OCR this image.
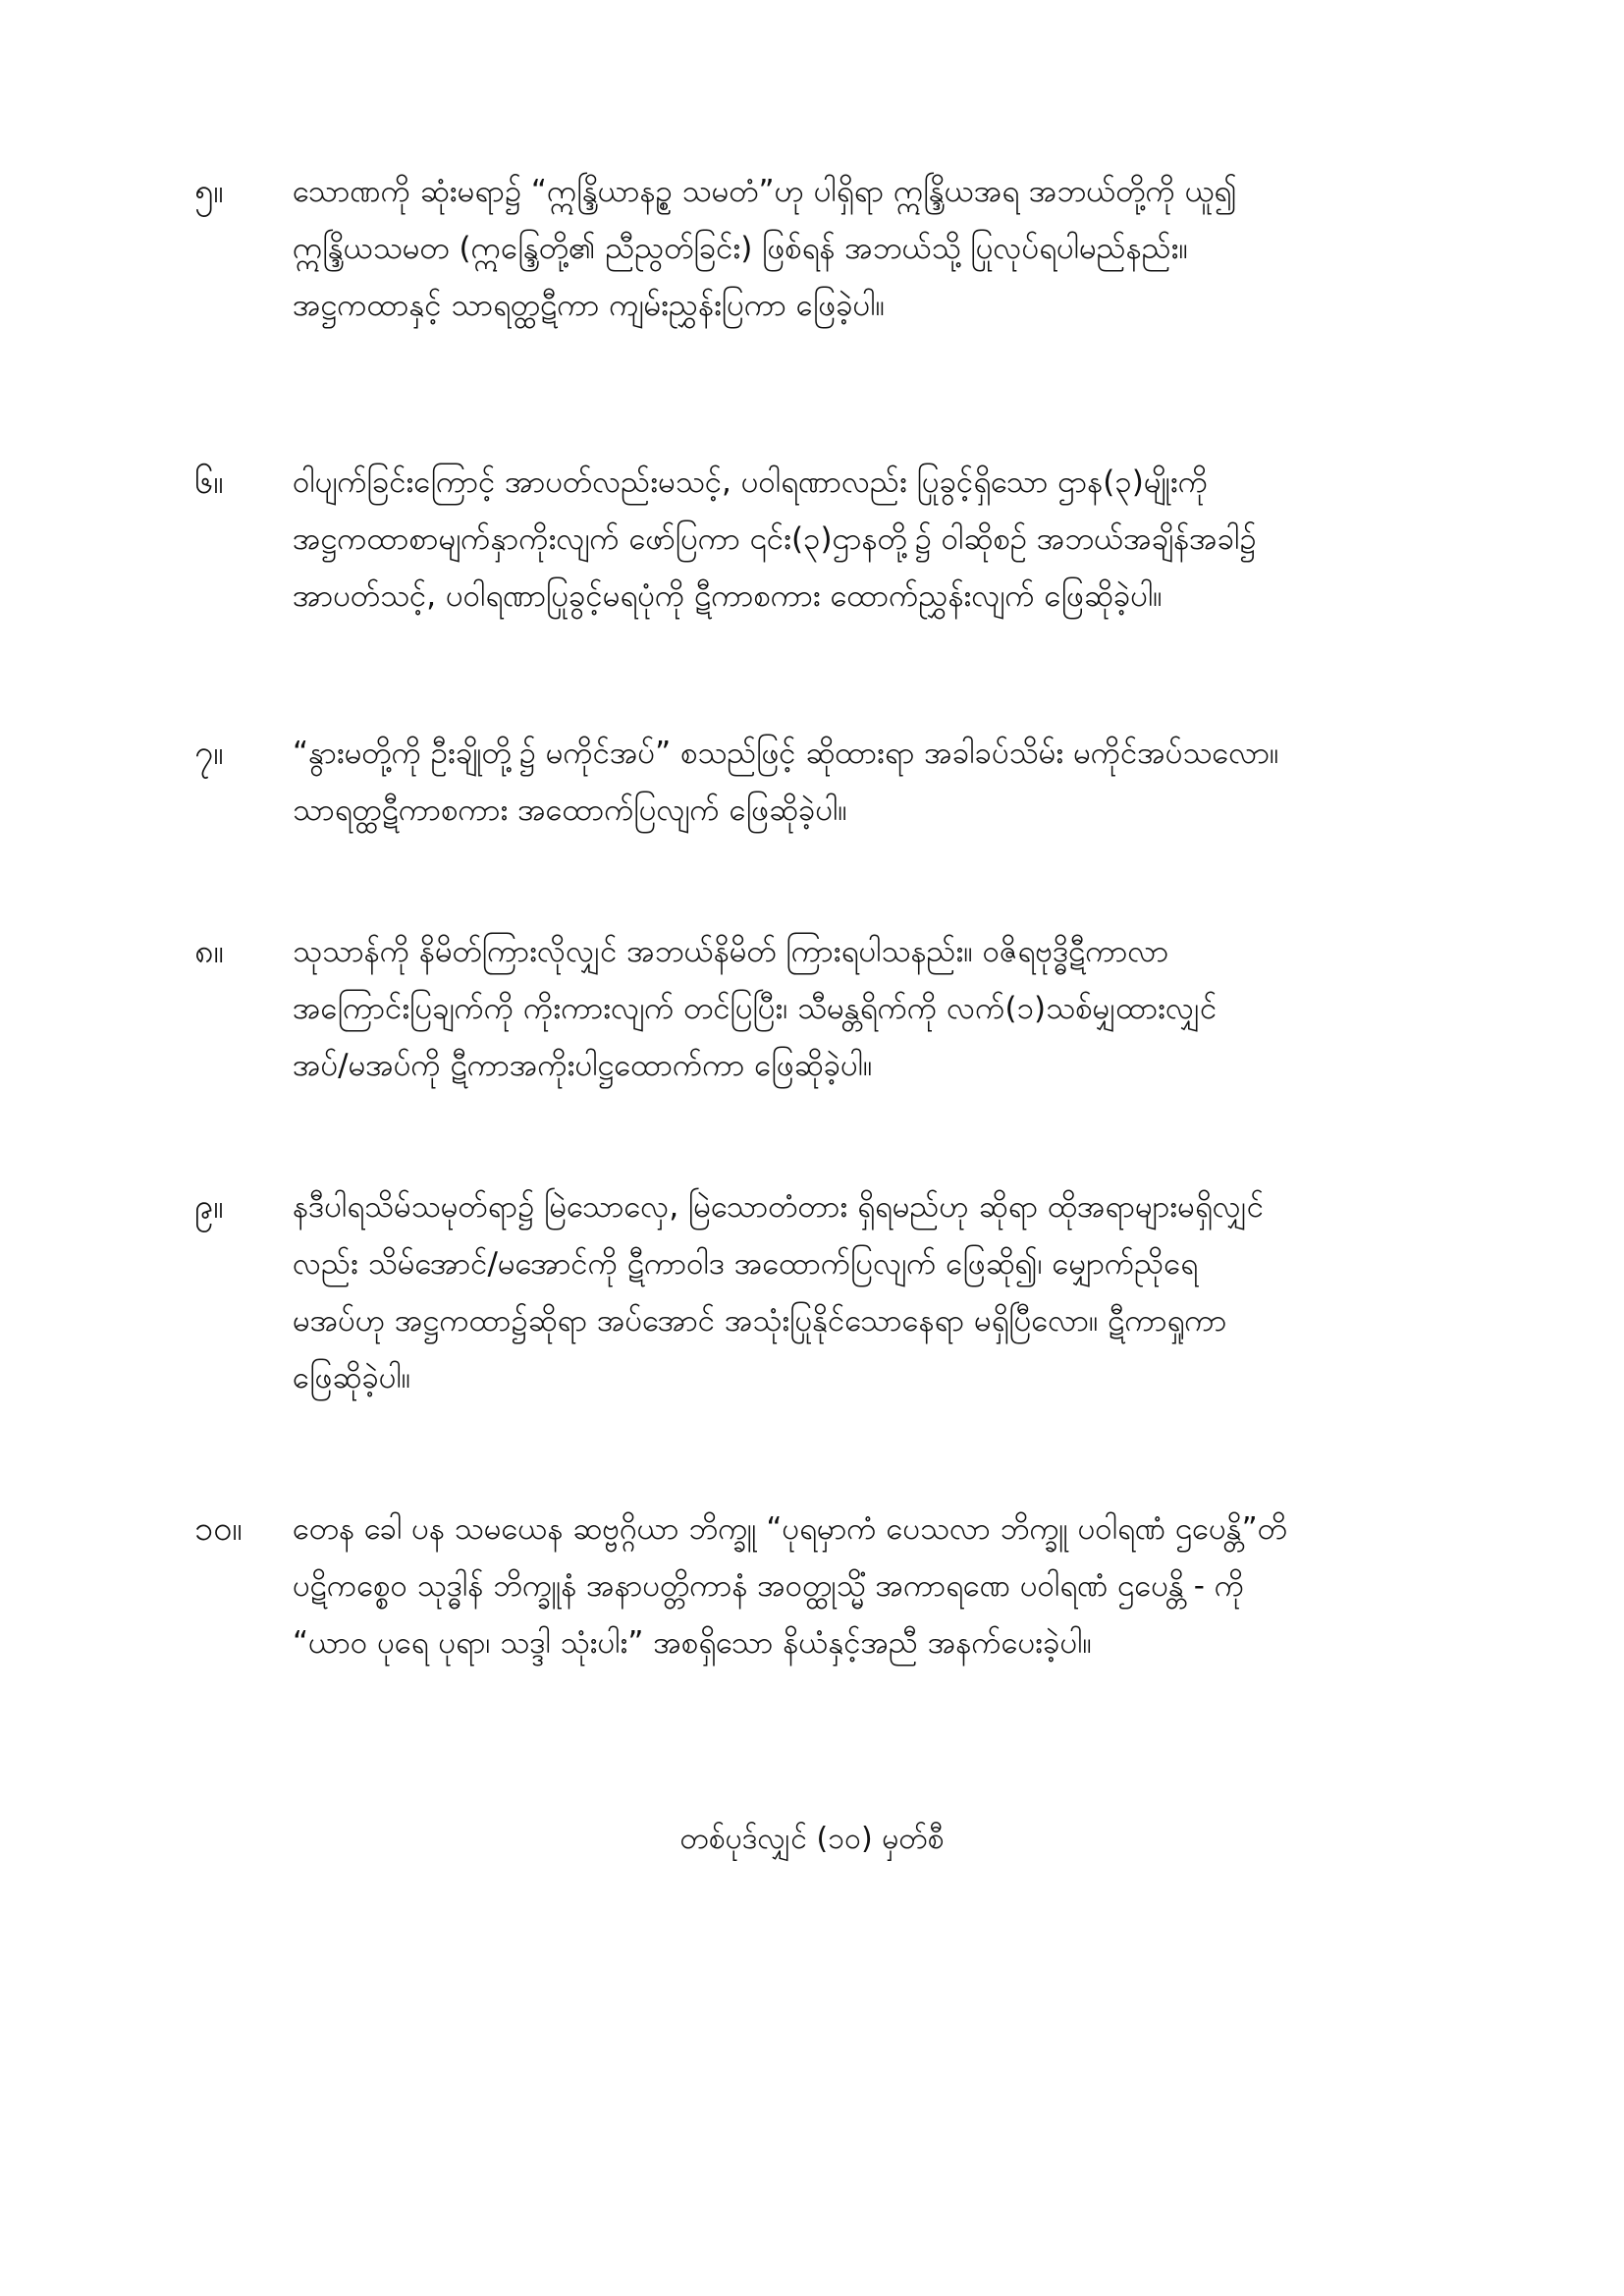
၅။	သောဏကို ဆုံးမရာ၌ “ဣန္ဒြိယာနဥ္စ သမတံ”ဟု ပါရှိရာ ဣန္ဒြိယအရ အဘယ်တို့ကို ယူ၍
ဣန္ဒြိယသမတ (ဣန္ဒြေတို့၏ ညီညွတ်ခြင်း) ဖြစ်ရန် အဘယ်သို့ ပြုလုပ်ရပါမည်နည်း။
အဋ္ဌကထာနှင့် သာရတ္ထဋီကာ ကျမ်းညွှန်းပြကာ ဖြေခဲ့ပါ။
၆။	ဝါပျက်ခြင်းကြောင့် အာပတ်လည်းမသင့်, ပဝါရဏာလည်း ပြုခွင့်ရှိသော ဌာန(၃)မျိုးကို
အဋ္ဌကထာစာမျက်နှာကိုးလျက် ဖော်ပြကာ ၎င်း(၃)ဌာနတို့၌ ဝါဆိုစဉ် အဘယ်အချိန်အခါ၌
အာပတ်သင့်, ပဝါရဏာပြုခွင့်မရပုံကို ဋီကာစကား ထောက်ညွှန်းလျက် ဖြေဆိုခဲ့ပါ။
၇။	“နွားမတို့ကို ဦးချိုတို့၌ မကိုင်အပ်” စသည်ဖြင့် ဆိုထားရာ အခါခပ်သိမ်း မကိုင်အပ်သလော။
သာရတ္ထဋီကာစကား အထောက်ပြလျက် ဖြေဆိုခဲ့ပါ။
၈။	သုသာန်ကို နိမိတ်ကြားလိုလျှင် အဘယ်နိမိတ် ကြားရပါသနည်း။ ဝဇိရဗုဒ္ဓိဋီကာလာ
အကြောင်းပြချက်ကို ကိုးကားလျက် တင်ပြပြီး၊ သီမန္တရိက်ကို လက်(၁)သစ်မျှထားလျှင်
အပ်/မအပ်ကို ဋီကာအကိုးပါဋ္ဌထောက်ကာ ဖြေဆိုခဲ့ပါ။
၉။	နဒီပါရသိမ်သမုတ်ရာ၌ မြဲသောလှေ, မြဲသောတံတား ရှိရမည်ဟု ဆိုရာ ထိုအရာများမရှိလျှင်
လည်း သိမ်အောင်/မအောင်ကို ဋီကာဝါဒ အထောက်ပြလျက် ဖြေဆို၍၊ မျှောက်ညိုရေ
မအပ်ဟု အဋ္ဌကထာ၌ဆိုရာ အပ်အောင် အသုံးပြုနိုင်သောနေရာ မရှိပြီလော။ ဋီကာရှုကာ
ဖြေဆိုခဲ့ပါ။
၁၀။	တေန ခေါ ပန သမယေန ဆဗ္ဗဂ္ဂိယာ ဘိက္ခူ “ပုရမှာကံ ပေသလာ ဘိက္ခူ ပဝါရဏံ ဌပေန္တိ”တိ
ပဋိကစ္စေဝ သုဒ္ဓါန် ဘိက္ခူနံ အနာပတ္တိကာနံ အဝတ္ထုသ္မိံ အကာရဏေ ပဝါရဏံ ဌပေန္တိ - ကို
“ယာဝ ပုရေ ပုရာ၊ သဒ္ဒါ သုံးပါး” အစရှိသော နိယံနှင့်အညီ အနက်ပေးခဲ့ပါ။
တစ်ပုဒ်လျှင် (၁၀) မှတ်စီ
